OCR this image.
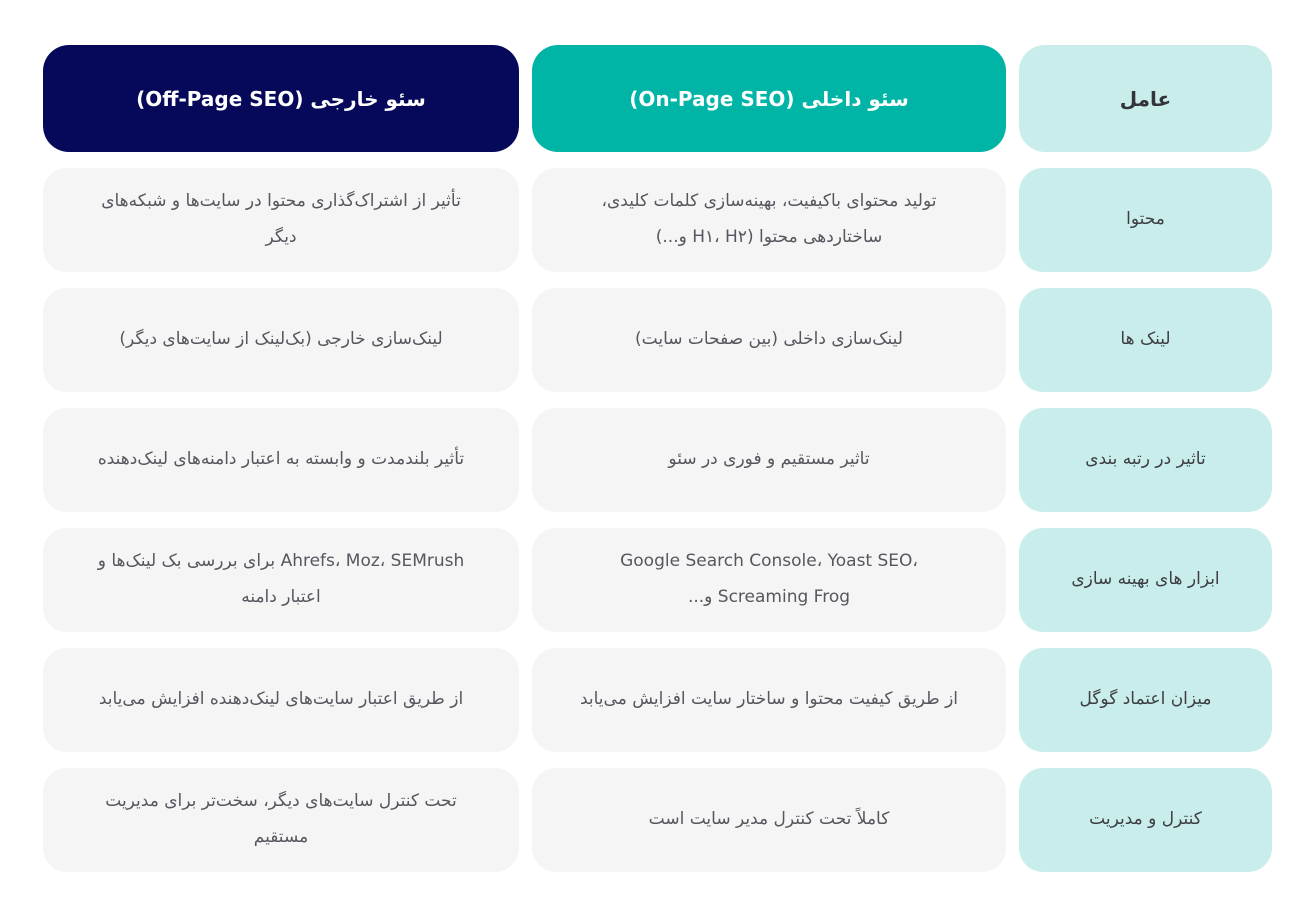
عامل
سئو داخلی (On-Page SEO)
سئو خارجی (Off-Page SEO)
محتوا
تولید محتوای باکیفیت، بهینه‌سازی کلمات کلیدی، ساختاردهی محتوا (H۱، H۲ و...)
تأثیر از اشتراک‌گذاری محتوا در سایت‌ها و شبکه‌های دیگر
لینک ها
لینک‌سازی داخلی (بین صفحات سایت)
لینک‌سازی خارجی (بک‌لینک از سایت‌های دیگر)
تاثیر در رتبه بندی
تاثیر مستقیم و فوری در سئو
تأثیر بلندمدت و وابسته به اعتبار دامنه‌های لینک‌دهنده
ابزار های بهینه سازی
Google Search Console، Yoast SEO، Screaming Frog و...
Ahrefs، Moz، SEMrush برای بررسی بک لینک‌ها و اعتبار دامنه
میزان اعتماد گوگل
از طریق کیفیت محتوا و ساختار سایت افزایش می‌یابد
از طریق اعتبار سایت‌های لینک‌دهنده افزایش می‌یابد
کنترل و مدیریت
کاملاً تحت کنترل مدیر سایت است
تحت کنترل سایت‌های دیگر، سخت‌تر برای مدیریت مستقیم
